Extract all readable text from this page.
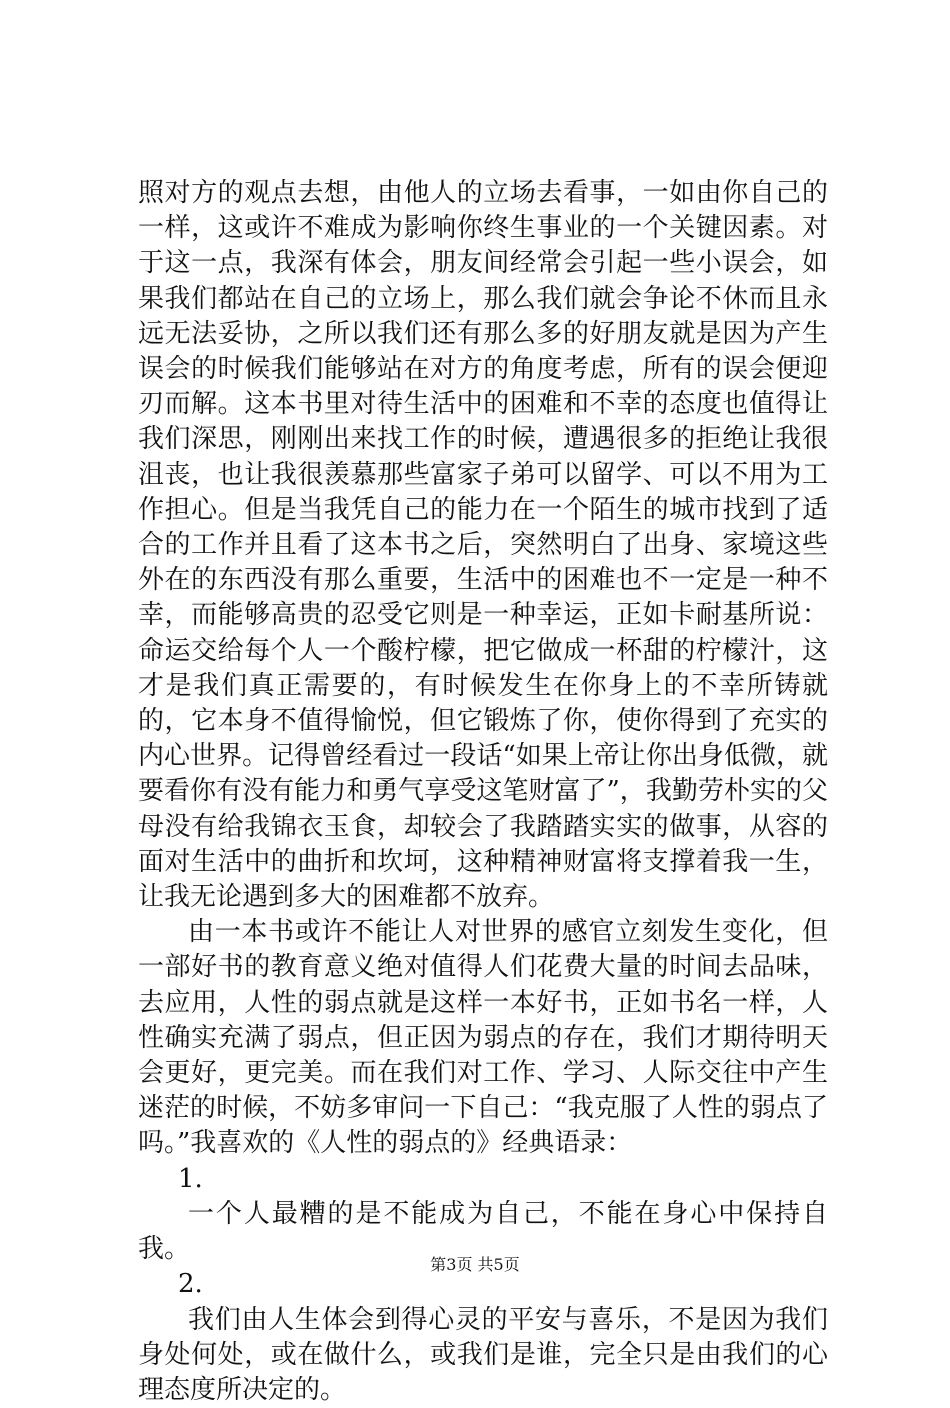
照对方的观点去想，由他人的立场去看事，一如由你自己的一样，这或许不难成为影响你终生事业的一个关键因素。对于这一点，我深有体会，朋友间经常会引起一些小误会，如果我们都站在自己的立场上，那么我们就会争论不休而且永远无法妥协，之所以我们还有那么多的好朋友就是因为产生误会的时候我们能够站在对方的角度考虑，所有的误会便迎刃而解。这本书里对待生活中的困难和不幸的态度也值得让我们深思，刚刚出来找工作的时候，遭遇很多的拒绝让我很沮丧，也让我很羡慕那些富家子弟可以留学、可以不用为工作担心。但是当我凭自己的能力在一个陌生的城市找到了适合的工作并且看了这本书之后，突然明白了出身、家境这些外在的东西没有那么重要，生活中的困难也不一定是一种不幸，而能够高贵的忍受它则是一种幸运，正如卡耐基所说：命运交给每个人一个酸柠檬，把它做成一杯甜的柠檬汁，这才是我们真正需要的，有时候发生在你身上的不幸所铸就的，它本身不值得愉悦，但它锻炼了你，使你得到了充实的内心世界。记得曾经看过一段话“如果上帝让你出身低微，就要看你有没有能力和勇气享受这笔财富了”，我勤劳朴实的父母没有给我锦衣玉食，却较会了我踏踏实实的做事，从容的面对生活中的曲折和坎坷，这种精神财富将支撑着我一生，让我无论遇到多大的困难都不放弃。

由一本书或许不能让人对世界的感官立刻发生变化，但一部好书的教育意义绝对值得人们花费大量的时间去品味，去应用，人性的弱点就是这样一本好书，正如书名一样，人性确实充满了弱点，但正因为弱点的存在，我们才期待明天会更好，更完美。而在我们对工作、学习、人际交往中产生迷茫的时候，不妨多审问一下自己：“我克服了人性的弱点了吗。”我喜欢的《人性的弱点的》经典语录：

1.

一个人最糟的是不能成为自己，不能在身心中保持自我。

2.

我们由人生体会到得心灵的平安与喜乐，不是因为我们身处何处，或在做什么，或我们是谁，完全只是由我们的心理态度所决定的。

第3页 共5页
